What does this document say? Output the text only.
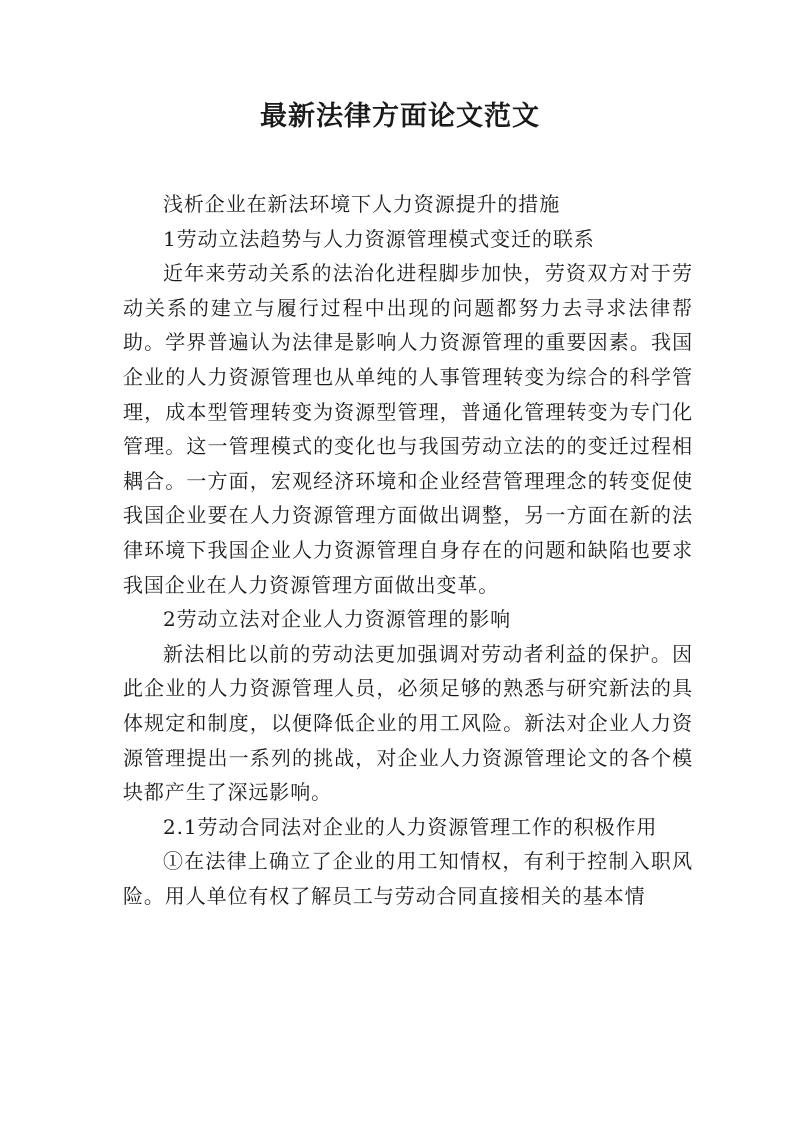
最新法律方面论文范文

浅析企业在新法环境下人力资源提升的措施

1劳动立法趋势与人力资源管理模式变迁的联系

近年来劳动关系的法治化进程脚步加快，劳资双方对于劳动关系的建立与履行过程中出现的问题都努力去寻求法律帮助。学界普遍认为法律是影响人力资源管理的重要因素。我国企业的人力资源管理也从单纯的人事管理转变为综合的科学管理，成本型管理转变为资源型管理，普通化管理转变为专门化管理。这一管理模式的变化也与我国劳动立法的的变迁过程相耦合。一方面，宏观经济环境和企业经营管理理念的转变促使我国企业要在人力资源管理方面做出调整，另一方面在新的法律环境下我国企业人力资源管理自身存在的问题和缺陷也要求我国企业在人力资源管理方面做出变革。

2劳动立法对企业人力资源管理的影响

新法相比以前的劳动法更加强调对劳动者利益的保护。因此企业的人力资源管理人员，必须足够的熟悉与研究新法的具体规定和制度，以便降低企业的用工风险。新法对企业人力资源管理提出一系列的挑战，对企业人力资源管理论文的各个模块都产生了深远影响。

2.1劳动合同法对企业的人力资源管理工作的积极作用

①在法律上确立了企业的用工知情权，有利于控制入职风险。用人单位有权了解员工与劳动合同直接相关的基本情
